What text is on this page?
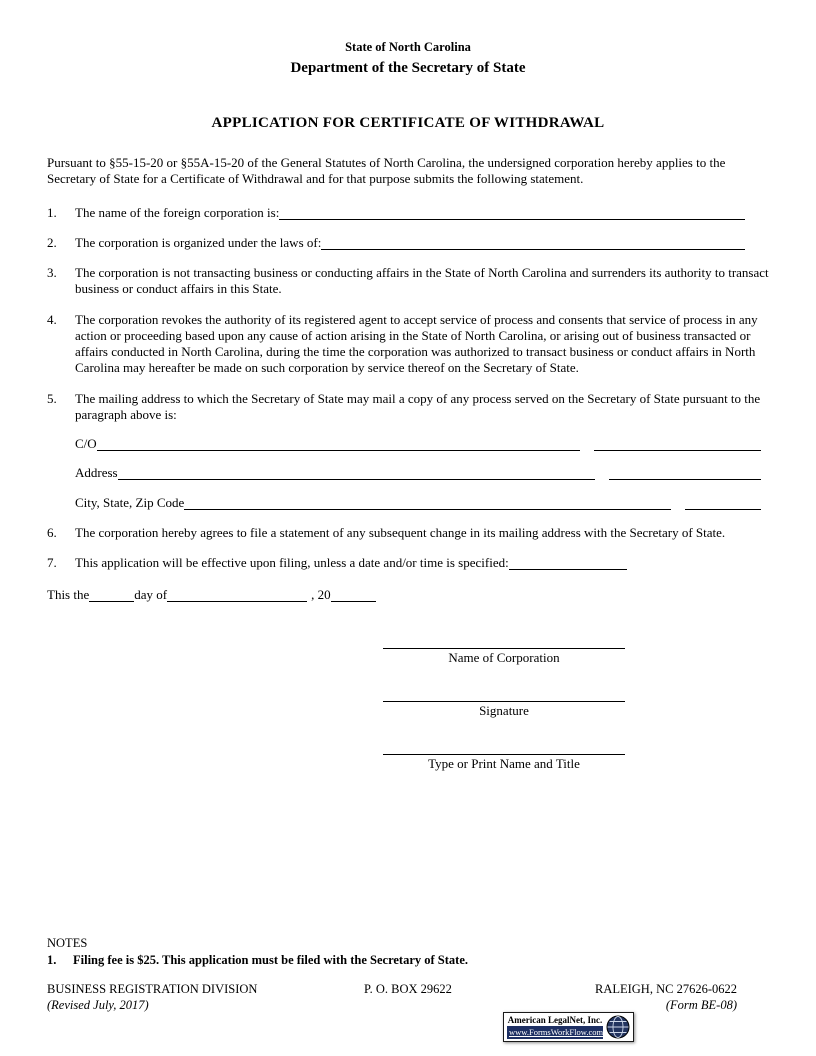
State of North Carolina
Department of the Secretary of State
APPLICATION FOR CERTIFICATE OF WITHDRAWAL

Pursuant to §55-15-20 or §55A-15-20 of the General Statutes of North Carolina, the undersigned corporation hereby applies to the Secretary of State for a Certificate of Withdrawal and for that purpose submits the following statement.

1.	The name of the foreign corporation is:
2.	The corporation is organized under the laws of:
3.	The corporation is not transacting business or conducting affairs in the State of North Carolina and surrenders its authority to transact business or conduct affairs in this State.
4.	The corporation revokes the authority of its registered agent to accept service of process and consents that service of process in any action or proceeding based upon any cause of action arising in the State of North Carolina, or arising out of business transacted or affairs conducted in North Carolina, during the time the corporation was authorized to transact business or conduct affairs in North Carolina may hereafter be made on such corporation by service thereof on the Secretary of State.
5.	The mailing address to which the Secretary of State may mail a copy of any process served on the Secretary of State pursuant to the paragraph above is:
C/O
Address
City, State, Zip Code
6.	The corporation hereby agrees to file a statement of any subsequent change in its mailing address with the Secretary of State.
7.	This application will be effective upon filing, unless a date and/or time is specified:
This the	day of	, 20
Name of Corporation
Signature
Type or Print Name and Title
NOTES
1. Filing fee is $25. This application must be filed with the Secretary of State.
BUSINESS REGISTRATION DIVISION	P. O. BOX 29622	RALEIGH, NC 27626-0622
(Revised July, 2017)	(Form BE-08)
American LegalNet, Inc.
www.FormsWorkFlow.com
